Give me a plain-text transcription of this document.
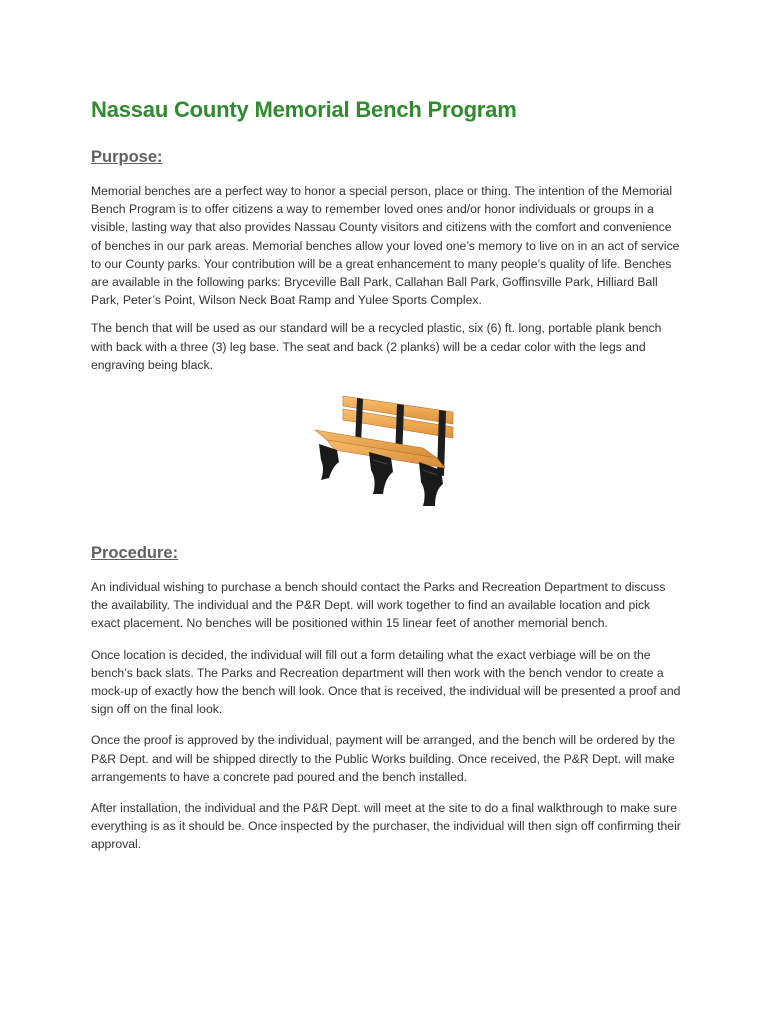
Nassau County Memorial Bench Program
Purpose:

Memorial benches are a perfect way to honor a special person, place or thing. The intention of the Memorial Bench Program is to offer citizens a way to remember loved ones and/or honor individuals or groups in a visible, lasting way that also provides Nassau County visitors and citizens with the comfort and convenience of benches in our park areas. Memorial benches allow your loved one’s memory to live on in an act of service to our County parks. Your contribution will be a great enhancement to many people’s quality of life. Benches are available in the following parks: Bryceville Ball Park, Callahan Ball Park, Goffinsville Park, Hilliard Ball Park, Peter’s Point, Wilson Neck Boat Ramp and Yulee Sports Complex.

The bench that will be used as our standard will be a recycled plastic, six (6) ft. long, portable plank bench with back with a three (3) leg base. The seat and back (2 planks) will be a cedar color with the legs and engraving being black.

Procedure:

An individual wishing to purchase a bench should contact the Parks and Recreation Department to discuss the availability. The individual and the P&R Dept. will work together to find an available location and pick exact placement. No benches will be positioned within 15 linear feet of another memorial bench.

Once location is decided, the individual will fill out a form detailing what the exact verbiage will be on the bench’s back slats. The Parks and Recreation department will then work with the bench vendor to create a mock-up of exactly how the bench will look. Once that is received, the individual will be presented a proof and sign off on the final look.

Once the proof is approved by the individual, payment will be arranged, and the bench will be ordered by the P&R Dept. and will be shipped directly to the Public Works building. Once received, the P&R Dept. will make arrangements to have a concrete pad poured and the bench installed.

After installation, the individual and the P&R Dept. will meet at the site to do a final walkthrough to make sure everything is as it should be. Once inspected by the purchaser, the individual will then sign off confirming their approval.
